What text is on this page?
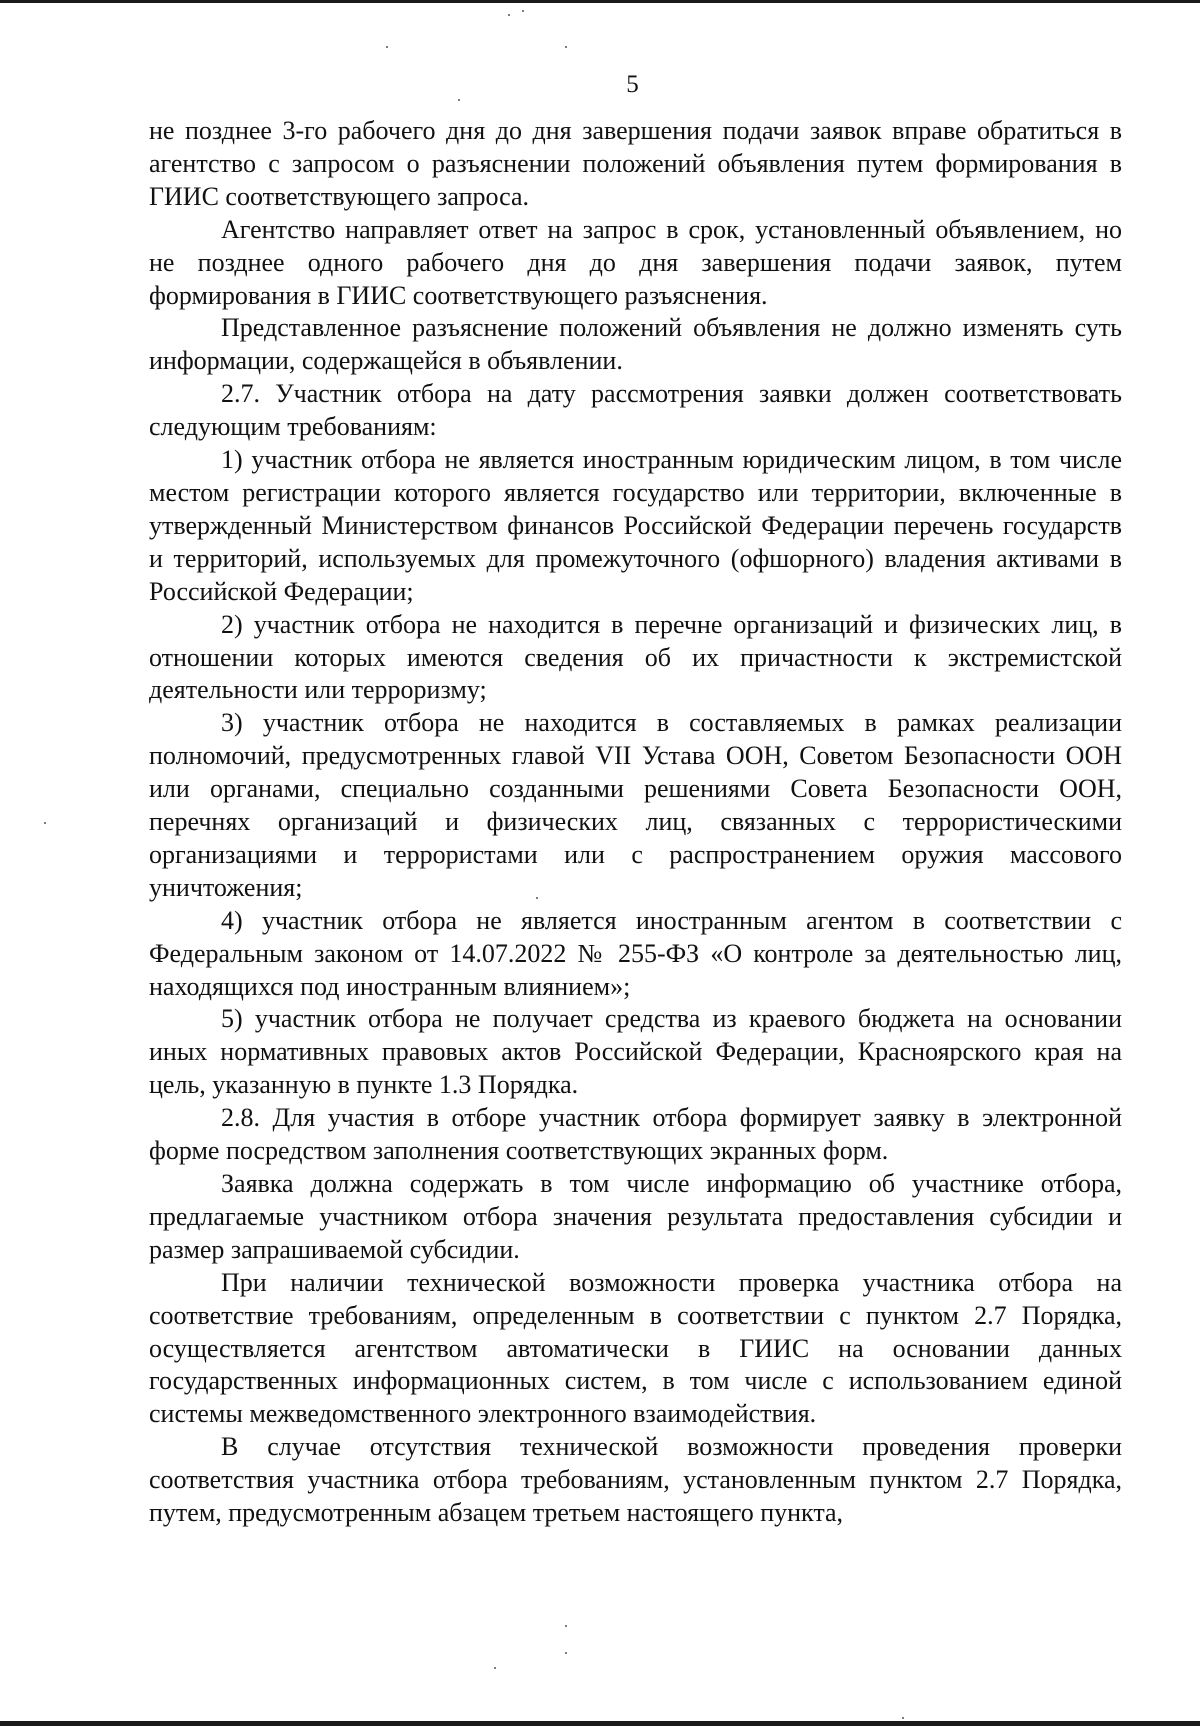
5

не позднее 3-го рабочего дня до дня завершения подачи заявок вправе обратиться в агентство с запросом о разъяснении положений объявления путем формирования в ГИИС соответствующего запроса.

Агентство направляет ответ на запрос в срок, установленный объявлением, но не позднее одного рабочего дня до дня завершения подачи заявок, путем формирования в ГИИС соответствующего разъяснения.

Представленное разъяснение положений объявления не должно изменять суть информации, содержащейся в объявлении.

2.7. Участник отбора на дату рассмотрения заявки должен соответствовать следующим требованиям:

1) участник отбора не является иностранным юридическим лицом, в том числе местом регистрации которого является государство или территории, включенные в утвержденный Министерством финансов Российской Федерации перечень государств и территорий, используемых для промежуточного (офшорного) владения активами в Российской Федерации;

2) участник отбора не находится в перечне организаций и физических лиц, в отношении которых имеются сведения об их причастности к экстремистской деятельности или терроризму;

3) участник отбора не находится в составляемых в рамках реализации полномочий, предусмотренных главой VII Устава ООН, Советом Безопасности ООН или органами, специально созданными решениями Совета Безопасности ООН, перечнях организаций и физических лиц, связанных с террористическими организациями и террористами или с распространением оружия массового уничтожения;

4) участник отбора не является иностранным агентом в соответствии с Федеральным законом от 14.07.2022 № 255-ФЗ «О контроле за деятельностью лиц, находящихся под иностранным влиянием»;

5) участник отбора не получает средства из краевого бюджета на основании иных нормативных правовых актов Российской Федерации, Красноярского края на цель, указанную в пункте 1.3 Порядка.

2.8. Для участия в отборе участник отбора формирует заявку в электронной форме посредством заполнения соответствующих экранных форм.

Заявка должна содержать в том числе информацию об участнике отбора, предлагаемые участником отбора значения результата предоставления субсидии и размер запрашиваемой субсидии.

При наличии технической возможности проверка участника отбора на соответствие требованиям, определенным в соответствии с пунктом 2.7 Порядка, осуществляется агентством автоматически в ГИИС на основании данных государственных информационных систем, в том числе с использованием единой системы межведомственного электронного взаимодействия.

В случае отсутствия технической возможности проведения проверки соответствия участника отбора требованиям, установленным пунктом 2.7 Порядка, путем, предусмотренным абзацем третьем настоящего пункта,
